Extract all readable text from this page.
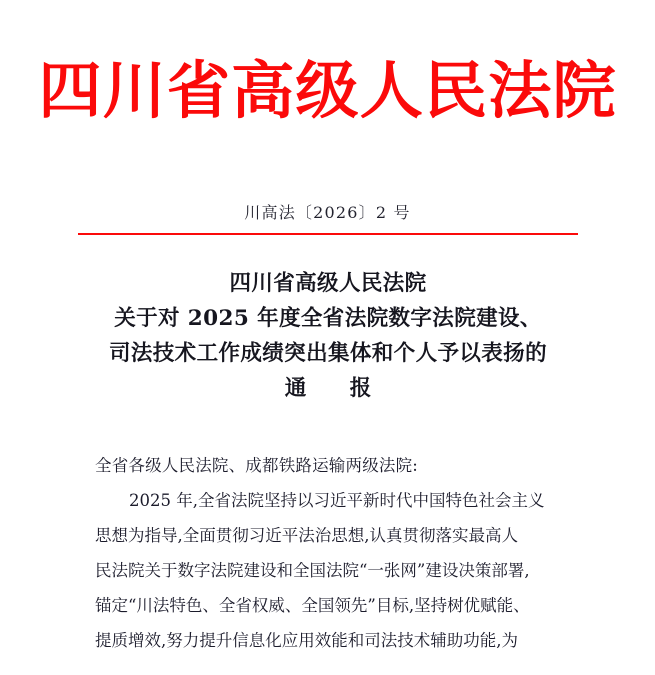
四川省高级人民法院
川高法〔2026〕2 号
四川省高级人民法院
关于对 2025 年度全省法院数字法院建设、
司法技术工作成绩突出集体和个人予以表扬的
通 报
全省各级人民法院、成都铁路运输两级法院:
2025 年,全省法院坚持以习近平新时代中国特色社会主义
思想为指导,全面贯彻习近平法治思想,认真贯彻落实最高人
民法院关于数字法院建设和全国法院“一张网”建设决策部署,
锚定“川法特色、全省权威、全国领先”目标,坚持树优赋能、
提质增效,努力提升信息化应用效能和司法技术辅助功能,为
